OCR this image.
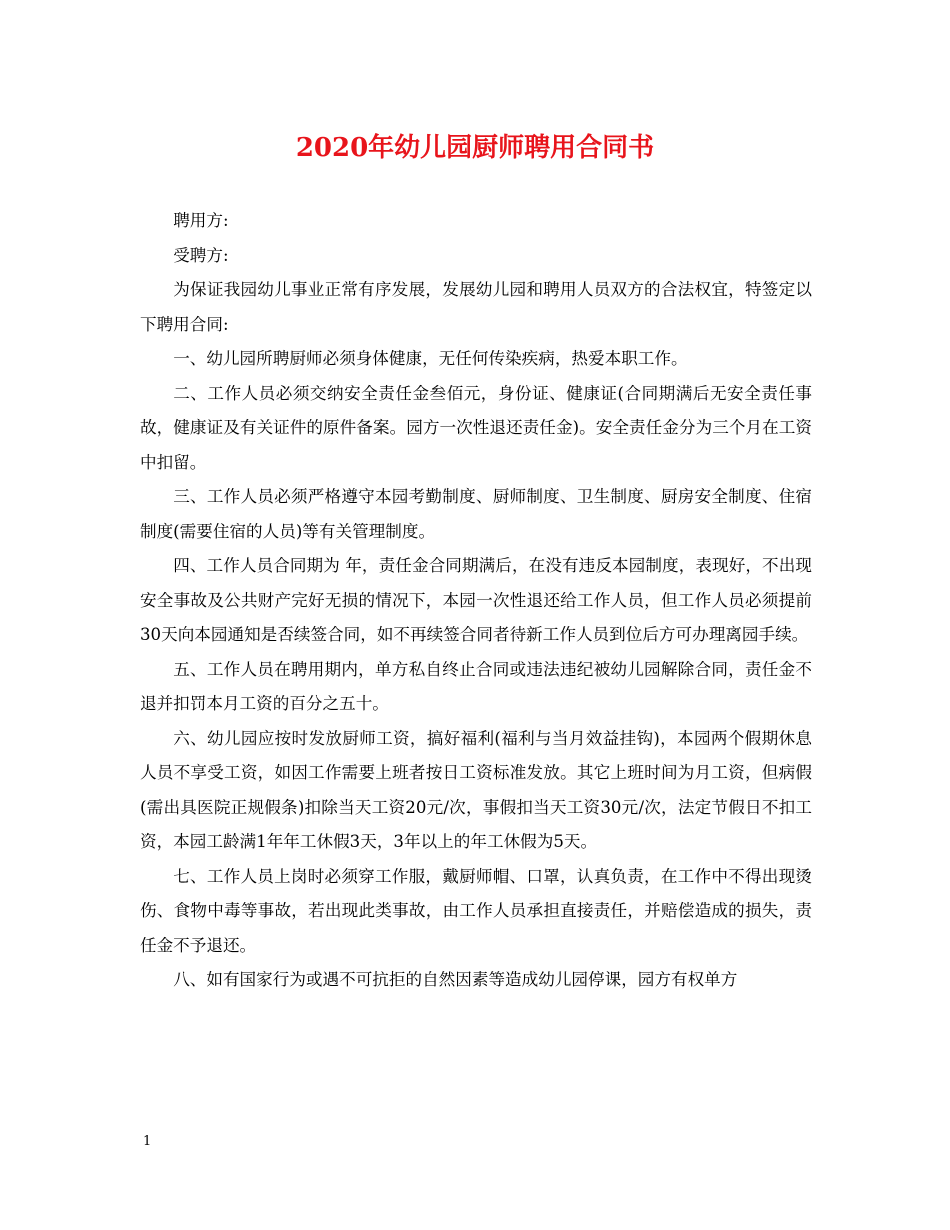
2020年幼儿园厨师聘用合同书

聘用方:

受聘方:

为保证我园幼儿事业正常有序发展，发展幼儿园和聘用人员双方的合法权宜，特签定以下聘用合同:

一、幼儿园所聘厨师必须身体健康，无任何传染疾病，热爱本职工作。

二、工作人员必须交纳安全责任金叁佰元，身份证、健康证(合同期满后无安全责任事故，健康证及有关证件的原件备案。园方一次性退还责任金)。安全责任金分为三个月在工资中扣留。

三、工作人员必须严格遵守本园考勤制度、厨师制度、卫生制度、厨房安全制度、住宿制度(需要住宿的人员)等有关管理制度。

四、工作人员合同期为 年，责任金合同期满后，在没有违反本园制度，表现好，不出现安全事故及公共财产完好无损的情况下，本园一次性退还给工作人员，但工作人员必须提前30天向本园通知是否续签合同，如不再续签合同者待新工作人员到位后方可办理离园手续。

五、工作人员在聘用期内，单方私自终止合同或违法违纪被幼儿园解除合同，责任金不退并扣罚本月工资的百分之五十。

六、幼儿园应按时发放厨师工资，搞好福利(福利与当月效益挂钩)，本园两个假期休息人员不享受工资，如因工作需要上班者按日工资标准发放。其它上班时间为月工资，但病假(需出具医院正规假条)扣除当天工资20元/次，事假扣当天工资30元/次，法定节假日不扣工资，本园工龄满1年年工休假3天，3年以上的年工休假为5天。

七、工作人员上岗时必须穿工作服，戴厨师帽、口罩，认真负责，在工作中不得出现烫伤、食物中毒等事故，若出现此类事故，由工作人员承担直接责任，并赔偿造成的损失，责任金不予退还。

八、如有国家行为或遇不可抗拒的自然因素等造成幼儿园停课，园方有权单方

1
